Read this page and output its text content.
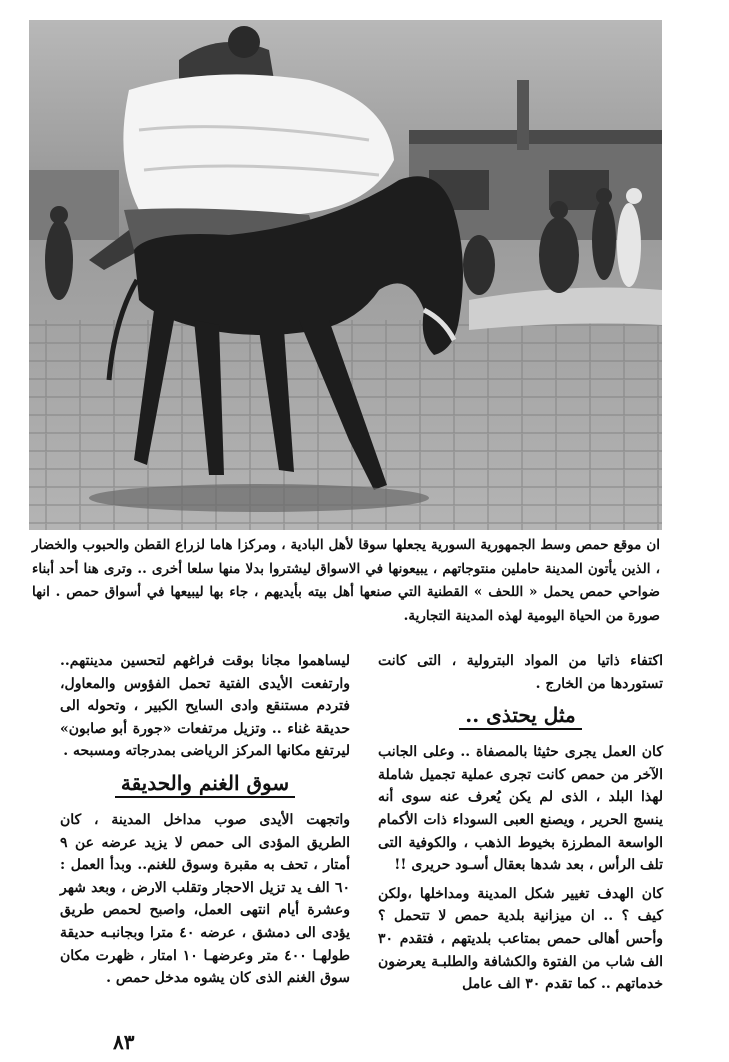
ان موقع حمص وسط الجمهورية السورية يجعلها سوقا لأهل البادية ، ومركزا هاما لزراع القطن والحبوب والخضار ، الذين يأتون المدينة حاملين منتوجاتهم ، يبيعونها في الاسواق ليشتروا بدلا منها سلعا أخرى .. وترى هنا أحد أبناء ضواحي حمص يحمل « اللحف » القطنية التي صنعها أهل بيته بأيديهم ، جاء بها ليبيعها في أسواق حمص . انها صورة من الحياة اليومية لهذه المدينة التجارية.

اكتفاء ذاتيا من المواد البترولية ، التى كانت تستوردها من الخارج .

مثل يحتذى ..

كان العمل يجرى حثيثا بالمصفاة .. وعلى الجانب الآخر من حمص كانت تجرى عملية تجميل شاملة لهذا البلد ، الذى لم يكن يُعرف عنه سوى أنه ينسج الحرير ، ويصنع العبى السوداء ذات الأكمام الواسعة المطرزة بخيوط الذهب ، والكوفية التى تلف الرأس ، بعد شدها بعقال أسـود حريرى !!

كان الهدف تغيير شكل المدينة ومداخلها ،ولكن كيف ؟ .. ان ميزانية بلدية حمص لا تتحمل ؟ وأحس أهالى حمص بمتاعب بلديتهم ، فتقدم ٣٠ الف شاب من الفتوة والكشافة والطلبـة يعرضون خدماتهم .. كما تقدم ٣٠ الف عامل

ليساهموا مجانا بوقت فراغهم لتحسين مدينتهم.. وارتفعت الأيدى الفتية تحمل الفؤوس والمعاول، فتردم مستنقع وادى السايح الكبير ، وتحوله الى حديقة غناء .. وتزيل مرتفعات «جورة أبو صابون» ليرتفع مكانها المركز الرياضى بمدرجاته ومسبحه .

سوق الغنم والحديقة

واتجهت الأيدى صوب مداخل المدينة ، كان الطريق المؤدى الى حمص لا يزيد عرضه عن ٩ أمتار ، تحف به مقبرة وسوق للغنم.. وبدأ العمل : ٦٠ الف يد تزيل الاحجار وتقلب الارض ، وبعد شهر وعشرة أيام انتهى العمل، واصبح لحمص طريق يؤدى الى دمشق ، عرضه ٤٠ مترا وبجانبـه حديقة طولهـا ٤٠٠ متر وعرضهـا ١٠ امتار ، ظهرت مكان سوق الغنم الذى كان يشوه مدخل حمص .

٨٣
